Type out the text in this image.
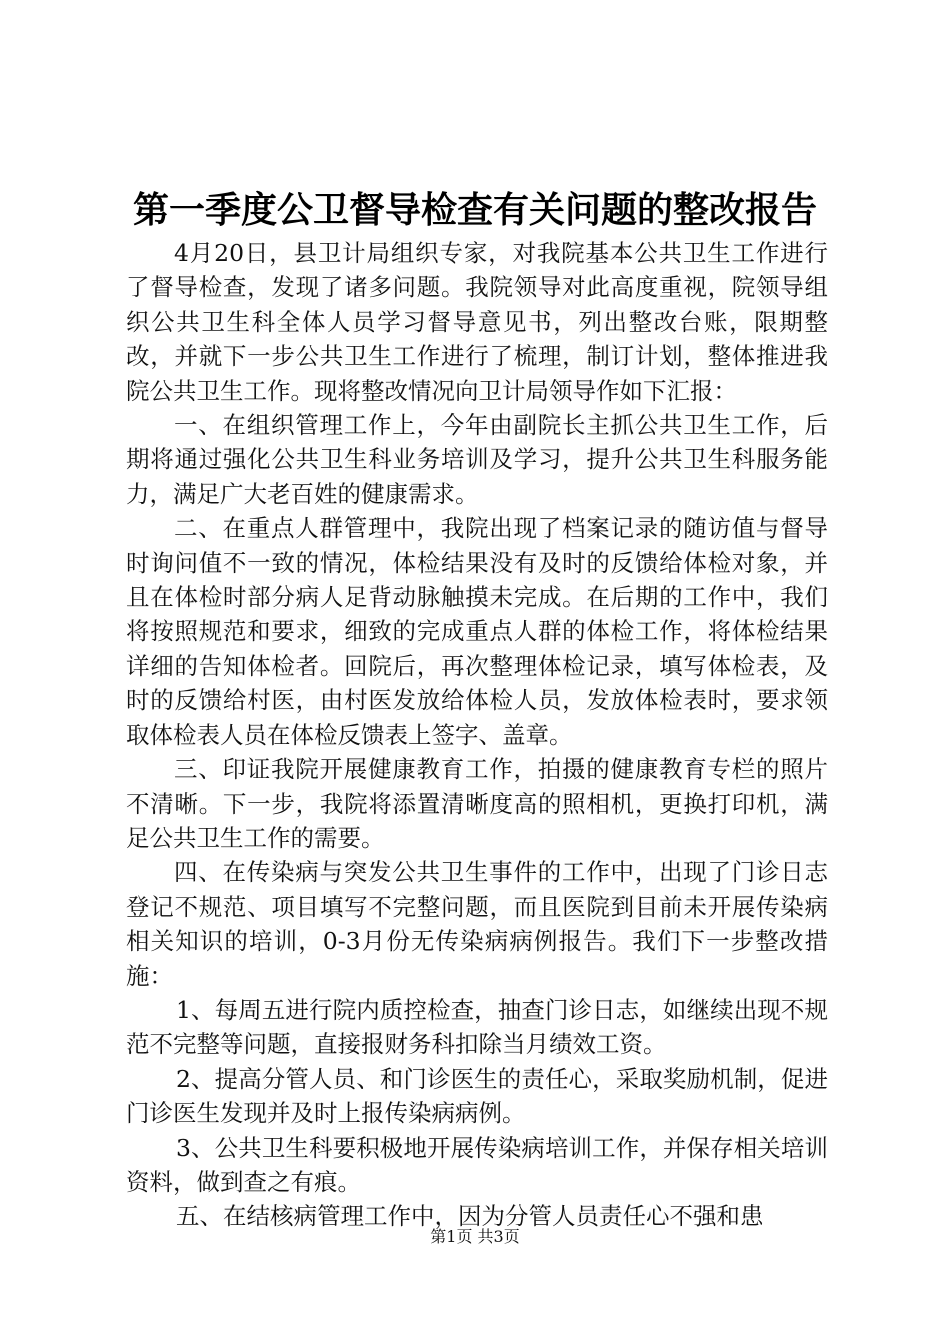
第一季度公卫督导检查有关问题的整改报告

4月20日，县卫计局组织专家，对我院基本公共卫生工作进行了督导检查，发现了诸多问题。我院领导对此高度重视，院领导组织公共卫生科全体人员学习督导意见书，列出整改台账，限期整改，并就下一步公共卫生工作进行了梳理，制订计划，整体推进我院公共卫生工作。现将整改情况向卫计局领导作如下汇报：

一、在组织管理工作上，今年由副院长主抓公共卫生工作，后期将通过强化公共卫生科业务培训及学习，提升公共卫生科服务能力，满足广大老百姓的健康需求。

二、在重点人群管理中，我院出现了档案记录的随访值与督导时询问值不一致的情况，体检结果没有及时的反馈给体检对象，并且在体检时部分病人足背动脉触摸未完成。在后期的工作中，我们将按照规范和要求，细致的完成重点人群的体检工作，将体检结果详细的告知体检者。回院后，再次整理体检记录，填写体检表，及时的反馈给村医，由村医发放给体检人员，发放体检表时，要求领取体检表人员在体检反馈表上签字、盖章。

三、印证我院开展健康教育工作，拍摄的健康教育专栏的照片不清晰。下一步，我院将添置清晰度高的照相机，更换打印机，满足公共卫生工作的需要。

四、在传染病与突发公共卫生事件的工作中，出现了门诊日志登记不规范、项目填写不完整问题，而且医院到目前未开展传染病相关知识的培训，0-3月份无传染病病例报告。我们下一步整改措施：

1、每周五进行院内质控检查，抽查门诊日志，如继续出现不规范不完整等问题，直接报财务科扣除当月绩效工资。

2、提高分管人员、和门诊医生的责任心，采取奖励机制，促进门诊医生发现并及时上报传染病病例。

3、公共卫生科要积极地开展传染病培训工作，并保存相关培训资料，做到查之有痕。

五、在结核病管理工作中，因为分管人员责任心不强和患

第1页 共3页
